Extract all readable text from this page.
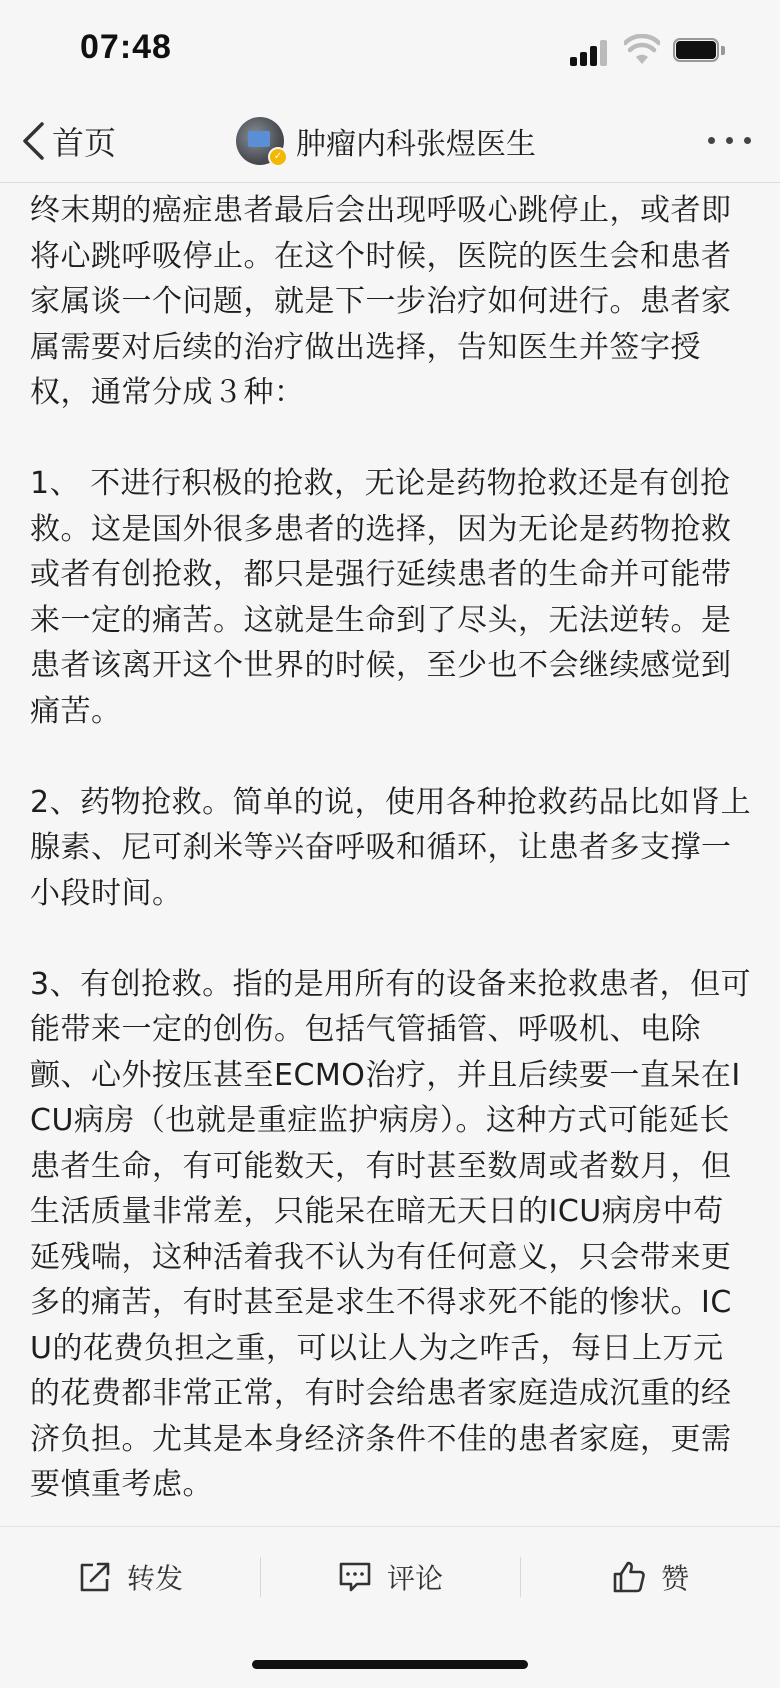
07:48
首页	✓ 肿瘤内科张煜医生

终末期的癌症患者最后会出现呼吸心跳停止，或者即将心跳呼吸停止。在这个时候，医院的医生会和患者家属谈一个问题，就是下一步治疗如何进行。患者家属需要对后续的治疗做出选择，告知医生并签字授权，通常分成３种：

1、 不进行积极的抢救，无论是药物抢救还是有创抢救。这是国外很多患者的选择，因为无论是药物抢救或者有创抢救，都只是强行延续患者的生命并可能带来一定的痛苦。这就是生命到了尽头，无法逆转。是患者该离开这个世界的时候，至少也不会继续感觉到痛苦。

2、药物抢救。简单的说，使用各种抢救药品比如肾上腺素、尼可刹米等兴奋呼吸和循环，让患者多支撑一小段时间。

3、有创抢救。指的是用所有的设备来抢救患者，但可能带来一定的创伤。包括气管插管、呼吸机、电除颤、心外按压甚至ECMO治疗，并且后续要一直呆在ICU病房（也就是重症监护病房）。这种方式可能延长患者生命，有可能数天，有时甚至数周或者数月，但生活质量非常差，只能呆在暗无天日的ICU病房中苟延残喘，这种活着我不认为有任何意义，只会带来更多的痛苦，有时甚至是求生不得求死不能的惨状。ICU的花费负担之重，可以让人为之咋舌，每日上万元的花费都非常正常，有时会给患者家庭造成沉重的经济负担。尤其是本身经济条件不佳的患者家庭，更需要慎重考虑。

转发	评论	赞
